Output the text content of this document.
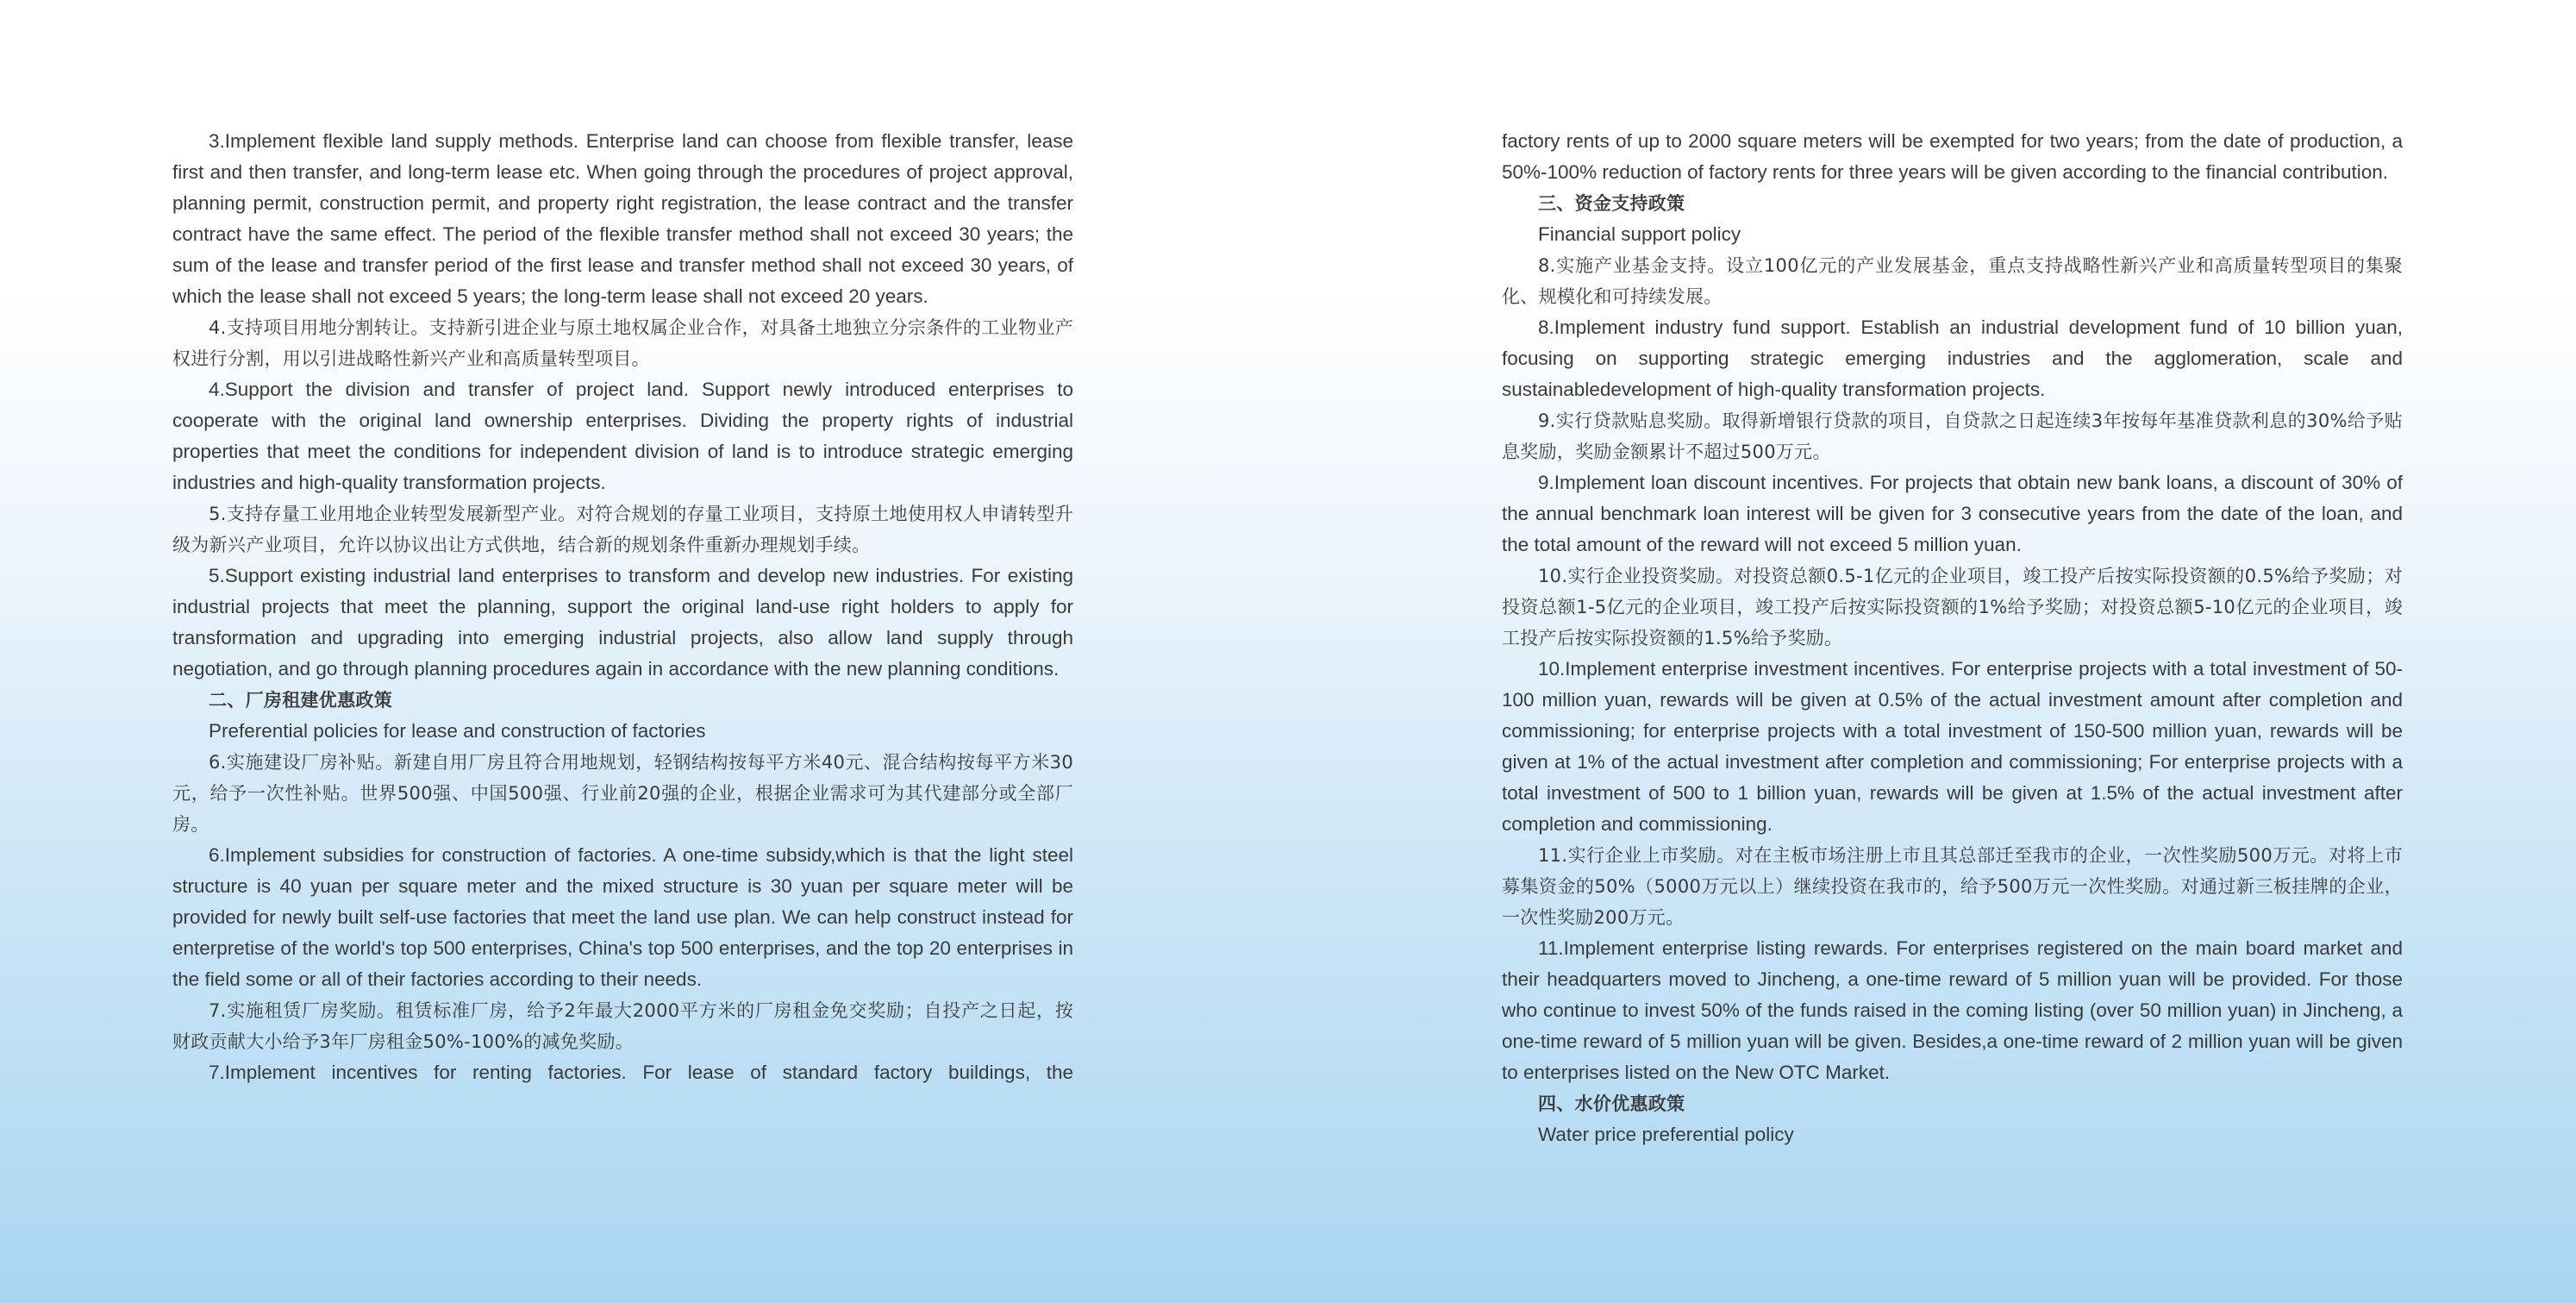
3.Implement flexible land supply methods. Enterprise land can choose from flexible transfer, lease first and then transfer, and long-term lease etc. When going through the procedures of project approval, planning permit, construction permit, and property right registration, the lease contract and the transfer contract have the same effect. The period of the flexible transfer method shall not exceed 30 years; the sum of the lease and transfer period of the first lease and transfer method shall not exceed 30 years, of which the lease shall not exceed 5 years; the long-term lease shall not exceed 20 years.

4.支持项目用地分割转让。支持新引进企业与原土地权属企业合作，对具备土地独立分宗条件的工业物业产权进行分割，用以引进战略性新兴产业和高质量转型项目。

4.Support the division and transfer of project land. Support newly introduced enterprises to cooperate with the original land ownership enterprises. Dividing the property rights of industrial properties that meet the conditions for independent division of land is to introduce strategic emerging industries and high-quality transformation projects.

5.支持存量工业用地企业转型发展新型产业。对符合规划的存量工业项目，支持原土地使用权人申请转型升级为新兴产业项目，允许以协议出让方式供地，结合新的规划条件重新办理规划手续。

5.Support existing industrial land enterprises to transform and develop new industries. For existing industrial projects that meet the planning, support the original land-use right holders to apply for transformation and upgrading into emerging industrial projects, also allow land supply through negotiation, and go through planning procedures again in accordance with the new planning conditions.

二、厂房租建优惠政策

Preferential policies for lease and construction of factories

6.实施建设厂房补贴。新建自用厂房且符合用地规划，轻钢结构按每平方米40元、混合结构按每平方米30元，给予一次性补贴。世界500强、中国500强、行业前20强的企业，根据企业需求可为其代建部分或全部厂房。

6.Implement subsidies for construction of factories. A one-time subsidy,which is that the light steel structure is 40 yuan per square meter and the mixed structure is 30 yuan per square meter will be provided for newly built self-use factories that meet the land use plan. We can help construct instead for enterpretise of the world's top 500 enterprises, China's top 500 enterprises, and the top 20 enterprises in the field some or all of their factories according to their needs.

7.实施租赁厂房奖励。租赁标准厂房，给予2年最大2000平方米的厂房租金免交奖励；自投产之日起，按财政贡献大小给予3年厂房租金50%-100%的减免奖励。

7.Implement incentives for renting factories. For lease of standard factory buildings, the

factory rents of up to 2000 square meters will be exempted for two years; from the date of production, a 50%-100% reduction of factory rents for three years will be given according to the financial contribution.

三、资金支持政策

Financial support policy

8.实施产业基金支持。设立100亿元的产业发展基金，重点支持战略性新兴产业和高质量转型项目的集聚化、规模化和可持续发展。

8.Implement industry fund support. Establish an industrial development fund of 10 billion yuan, focusing on supporting strategic emerging industries and the agglomeration, scale and sustainabledevelopment of high-quality transformation projects.

9.实行贷款贴息奖励。取得新增银行贷款的项目，自贷款之日起连续3年按每年基准贷款利息的30%给予贴息奖励，奖励金额累计不超过500万元。

9.Implement loan discount incentives. For projects that obtain new bank loans, a discount of 30% of the annual benchmark loan interest will be given for 3 consecutive years from the date of the loan, and the total amount of the reward will not exceed 5 million yuan.

10.实行企业投资奖励。对投资总额0.5-1亿元的企业项目，竣工投产后按实际投资额的0.5%给予奖励；对投资总额1-5亿元的企业项目，竣工投产后按实际投资额的1%给予奖励；对投资总额5-10亿元的企业项目，竣工投产后按实际投资额的1.5%给予奖励。

10.Implement enterprise investment incentives. For enterprise projects with a total investment of 50-100 million yuan, rewards will be given at 0.5% of the actual investment amount after completion and commissioning; for enterprise projects with a total investment of 150-500 million yuan, rewards will be given at 1% of the actual investment after completion and commissioning; For enterprise projects with a total investment of 500 to 1 billion yuan, rewards will be given at 1.5% of the actual investment after completion and commissioning.

11.实行企业上市奖励。对在主板市场注册上市且其总部迁至我市的企业，一次性奖励500万元。对将上市募集资金的50%（5000万元以上）继续投资在我市的，给予500万元一次性奖励。对通过新三板挂牌的企业，一次性奖励200万元。

11.Implement enterprise listing rewards. For enterprises registered on the main board market and their headquarters moved to Jincheng, a one-time reward of 5 million yuan will be provided. For those who continue to invest 50% of the funds raised in the coming listing (over 50 million yuan) in Jincheng, a one-time reward of 5 million yuan will be given. Besides,a one-time reward of 2 million yuan will be given to enterprises listed on the New OTC Market.

四、水价优惠政策

Water price preferential policy
